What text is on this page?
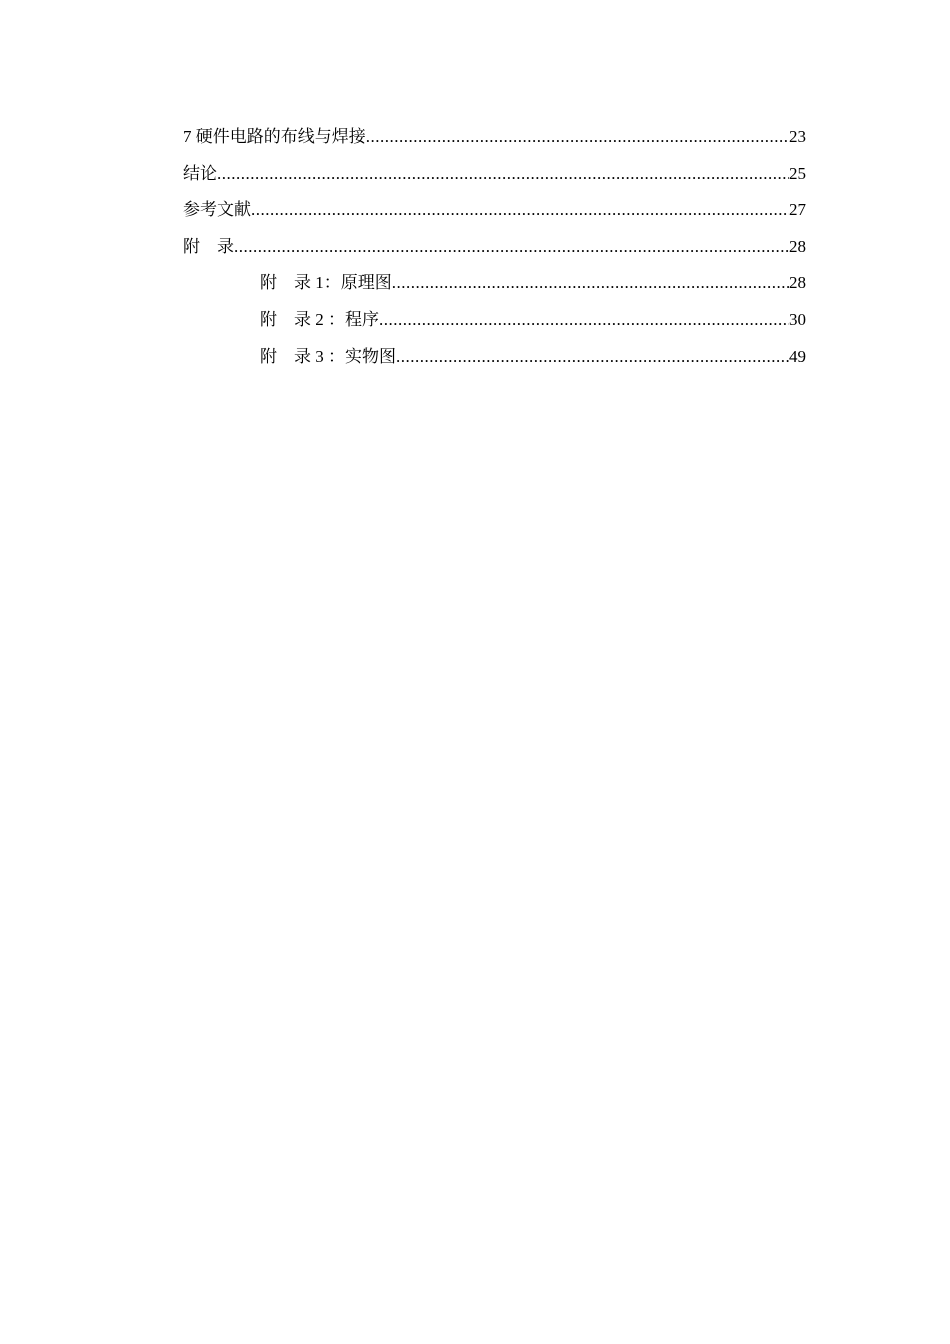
7 硬件电路的布线与焊接 .....	23
结论 .....	25
参考文献 .....	27
附　录 .....	28
附　录 1：原理图 .....	28
附　录 2 ：程序 .....	30
附　录 3 ：实物图 .....	49
